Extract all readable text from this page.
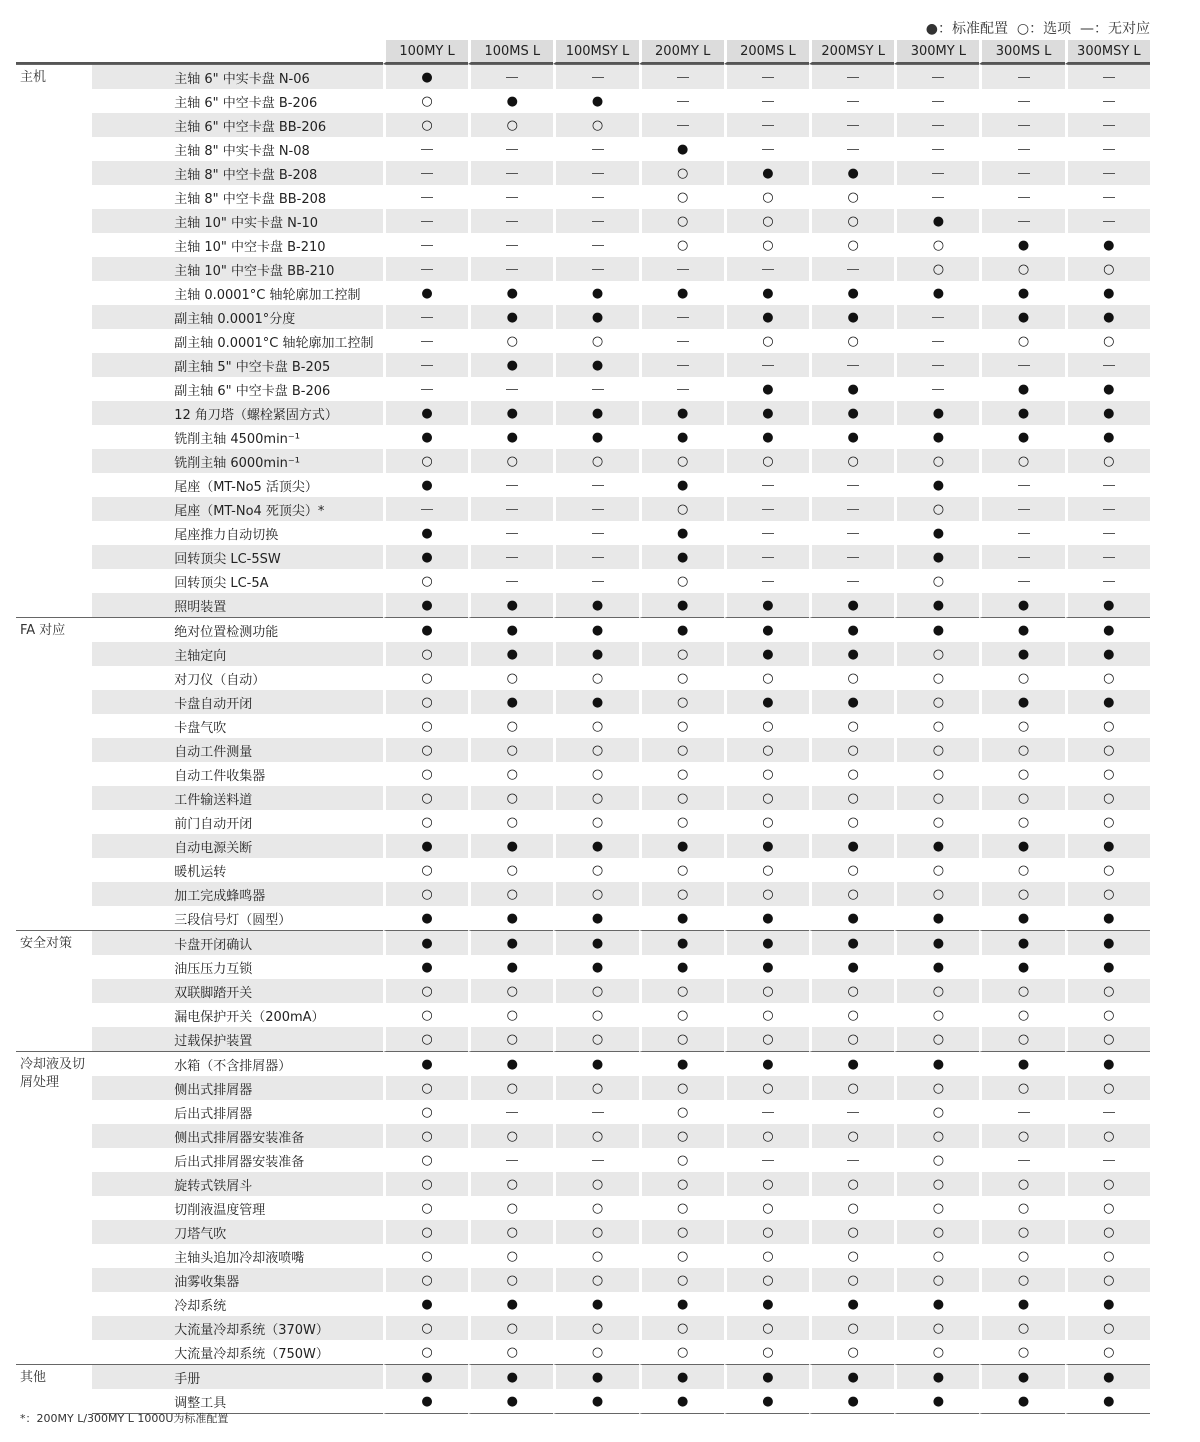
●：标准配置 ○：选项 —：无对应
		100MY L	100MS L	100MSY L	200MY L	200MS L	200MSY L	300MY L	300MS L	300MSY L
主机	主轴 6" 中实卡盘 N-06	●								
	主轴 6" 中空卡盘 B-206	○	●	●						
	主轴 6" 中空卡盘 BB-206	○	○	○						
	主轴 8" 中实卡盘 N-08				●					
	主轴 8" 中空卡盘 B-208				○	●	●			
	主轴 8" 中空卡盘 BB-208				○	○	○			
	主轴 10" 中实卡盘 N-10				○	○	○	●		
	主轴 10" 中空卡盘 B-210				○	○	○	○	●	●
	主轴 10" 中空卡盘 BB-210							○	○	○
	主轴 0.0001°C 轴轮廓加工控制	●	●	●	●	●	●	●	●	●
	副主轴 0.0001°分度		●	●		●	●		●	●
	副主轴 0.0001°C 轴轮廓加工控制		○	○		○	○		○	○
	副主轴 5" 中空卡盘 B-205		●	●						
	副主轴 6" 中空卡盘 B-206					●	●		●	●
	12 角刀塔（螺栓紧固方式）	●	●	●	●	●	●	●	●	●
	铣削主轴 4500min⁻¹	●	●	●	●	●	●	●	●	●
	铣削主轴 6000min⁻¹	○	○	○	○	○	○	○	○	○
	尾座（MT-No5 活顶尖）	●			●			●		
	尾座（MT-No4 死顶尖）*				○			○		
	尾座推力自动切换	●			●			●		
	回转顶尖 LC-5SW	●			●			●		
	回转顶尖 LC-5A	○			○			○		
	照明装置	●	●	●	●	●	●	●	●	●
FA 对应	绝对位置检测功能	●	●	●	●	●	●	●	●	●
	主轴定向	○	●	●	○	●	●	○	●	●
	对刀仪（自动）	○	○	○	○	○	○	○	○	○
	卡盘自动开闭	○	●	●	○	●	●	○	●	●
	卡盘气吹	○	○	○	○	○	○	○	○	○
	自动工件测量	○	○	○	○	○	○	○	○	○
	自动工件收集器	○	○	○	○	○	○	○	○	○
	工件输送料道	○	○	○	○	○	○	○	○	○
	前门自动开闭	○	○	○	○	○	○	○	○	○
	自动电源关断	●	●	●	●	●	●	●	●	●
	暖机运转	○	○	○	○	○	○	○	○	○
	加工完成蜂鸣器	○	○	○	○	○	○	○	○	○
	三段信号灯（圆型）	●	●	●	●	●	●	●	●	●
安全对策	卡盘开闭确认	●	●	●	●	●	●	●	●	●
	油压压力互锁	●	●	●	●	●	●	●	●	●
	双联脚踏开关	○	○	○	○	○	○	○	○	○
	漏电保护开关（200mA）	○	○	○	○	○	○	○	○	○
	过载保护装置	○	○	○	○	○	○	○	○	○
冷却液及切屑处理	水箱（不含排屑器）	●	●	●	●	●	●	●	●	●
	侧出式排屑器	○	○	○	○	○	○	○	○	○
	后出式排屑器	○			○			○		
	侧出式排屑器安装准备	○	○	○	○	○	○	○	○	○
	后出式排屑器安装准备	○			○			○		
	旋转式铁屑斗	○	○	○	○	○	○	○	○	○
	切削液温度管理	○	○	○	○	○	○	○	○	○
	刀塔气吹	○	○	○	○	○	○	○	○	○
	主轴头追加冷却液喷嘴	○	○	○	○	○	○	○	○	○
	油雾收集器	○	○	○	○	○	○	○	○	○
	冷却系统	●	●	●	●	●	●	●	●	●
	大流量冷却系统（370W）	○	○	○	○	○	○	○	○	○
	大流量冷却系统（750W）	○	○	○	○	○	○	○	○	○
其他	手册	●	●	●	●	●	●	●	●	●
	调整工具	●	●	●	●	●	●	●	●	●
*：200MY L/300MY L 1000U为标准配置
